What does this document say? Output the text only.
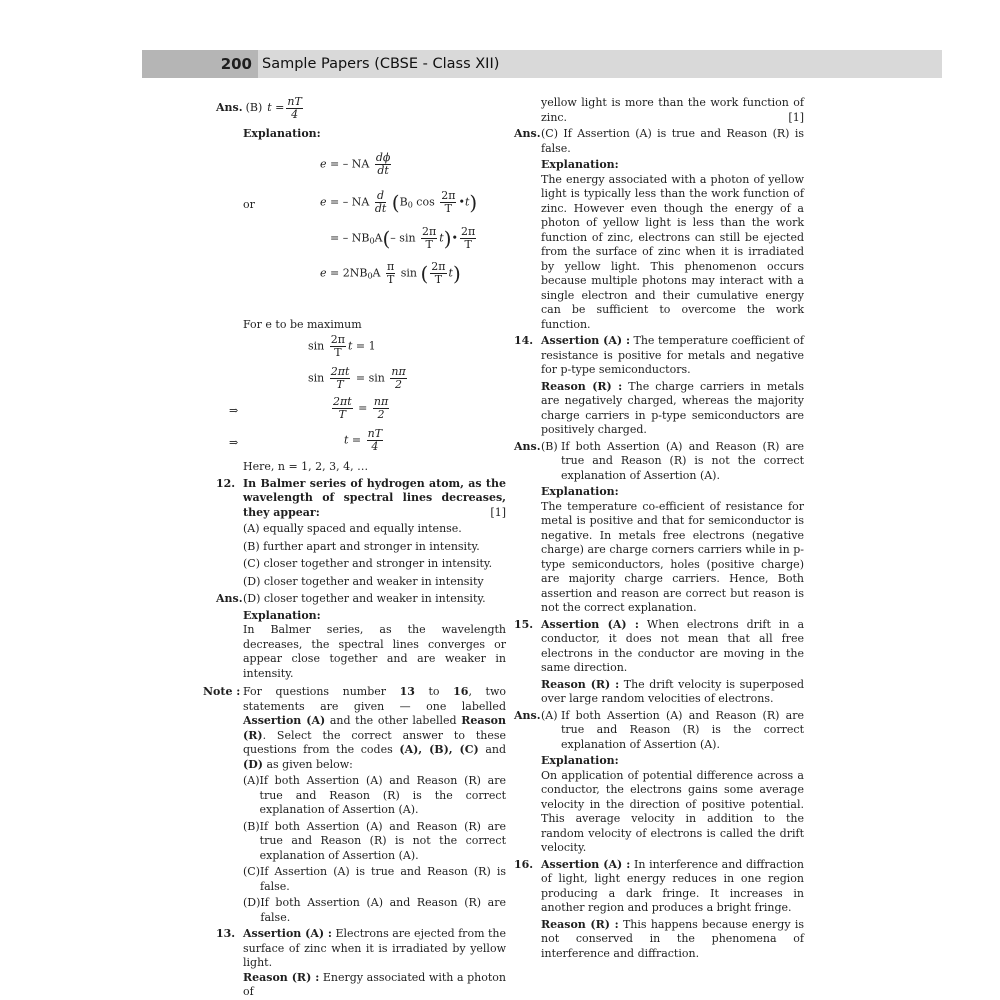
200 Sample Papers (CBSE - Class XII)
Ans. (B) $t = \frac{nT}{4}$
Explanation:
e = – NA $\frac{d\phi}{dt}$
or	e = – NA $\frac{d}{dt} (B_0$ $\cos \frac{2\pi}{T}$ •t)
= – $NB_0A(-$ $\sin \frac{2\pi}{T}$ t)• $\frac{2\pi}{T}$
$e = 2NB_0A \frac{\pi}{T}$ sin ( $\frac{2\pi}{T} t$)
For e to be maximum
$\sin \frac{2\pi}{T}$ t = 1
$\sin \frac{2\pi t}{T} = \sin \frac{n\pi}{2}$
⇒	$\frac{2\pi t}{T} = \frac{n\pi}{2}$
⇒	$t = \frac{nT}{4}$
Here, n = 1, 2, 3, 4, …
12. In Balmer series of hydrogen atom, as the wavelength of spectral lines decreases, they appear:	[1]

(A) equally spaced and equally intense.

(B) further apart and stronger in intensity.

(C) closer together and stronger in intensity.

(D) closer together and weaker in intensity

Ans. (D) closer together and weaker in intensity.
Explanation:

In Balmer series, as the wavelength decreases, the spectral lines converges or appear close together and are weaker in intensity.

Note : For questions number 13 to 16, two statements are given — one labelled Assertion (A) and the other labelled Reason (R). Select the correct answer to these questions from the codes (A), (B), (C) and (D) as given below:
(A) If both Assertion (A) and Reason (R) are true and Reason (R) is the correct explanation of Assertion (A).
(B) If both Assertion (A) and Reason (R) are true and Reason (R) is not the correct explanation of Assertion (A).
(C) If Assertion (A) is true and Reason (R) is false.
(D) If both Assertion (A) and Reason (R) are false.
13. Assertion (A) : Electrons are ejected from the surface of zinc when it is irradiated by yellow light.
Reason (R) : Energy associated with a photon of

yellow light is more than the work function of zinc.	[1]

Ans. (C) If Assertion (A) is true and Reason (R) is false.
Explanation:

The energy associated with a photon of yellow light is typically less than the work function of zinc. However even though the energy of a photon of yellow light is less than the work function of zinc, electrons can still be ejected from the surface of zinc when it is irradiated by yellow light. This phenomenon occurs because multiple photons may interact with a single electron and their cumulative energy can be sufficient to overcome the work function.

14. Assertion (A) : The temperature coefficient of resistance is positive for metals and negative for p-type semiconductors.

Reason (R) : The charge carriers in metals are negatively charged, whereas the majority charge carriers in p-type semiconductors are positively charged.

Ans. (B) If both Assertion (A) and Reason (R) are true and Reason (R) is not the correct explanation of Assertion (A).
Explanation:

The temperature co-efficient of resistance for metal is positive and that for semiconductor is negative. In metals free electrons (negative charge) are charge corners carriers while in p-type semiconductors, holes (positive charge) are majority charge carriers. Hence, Both assertion and reason are correct but reason is not the correct explanation.

15. Assertion (A) : When electrons drift in a conductor, it does not mean that all free electrons in the conductor are moving in the same direction.

Reason (R) : The drift velocity is superposed over large random velocities of electrons.

Ans. (A) If both Assertion (A) and Reason (R) are true and Reason (R) is the correct explanation of Assertion (A).
Explanation:

On application of potential difference across a conductor, the electrons gains some average velocity in the direction of positive potential. This average velocity in addition to the random velocity of electrons is called the drift velocity.

16. Assertion (A) : In interference and diffraction of light, light energy reduces in one region producing a dark fringe. It increases in another region and produces a bright fringe.

Reason (R) : This happens because energy is not conserved in the phenomena of interference and diffraction.
